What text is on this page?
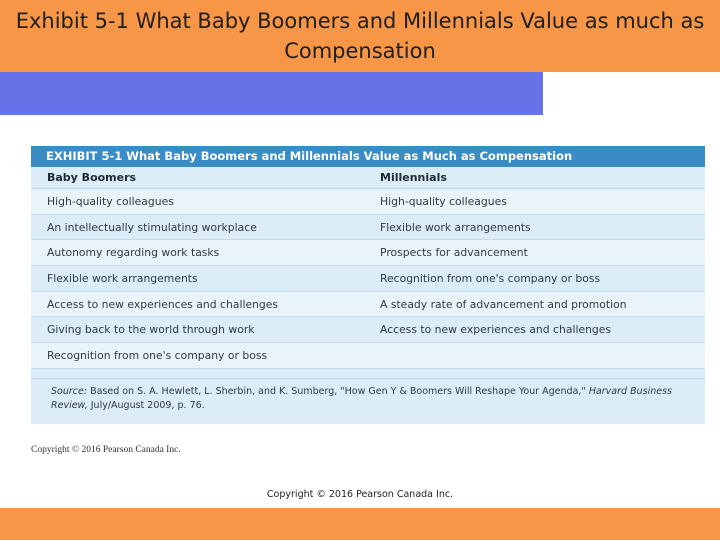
Exhibit 5-1 What Baby Boomers and Millennials Value as much as Compensation
EXHIBIT 5-1 What Baby Boomers and Millennials Value as Much as Compensation
Baby Boomers	Millennials
High-quality colleagues	High-quality colleagues
An intellectually stimulating workplace	Flexible work arrangements
Autonomy regarding work tasks	Prospects for advancement
Flexible work arrangements	Recognition from one's company or boss
Access to new experiences and challenges	A steady rate of advancement and promotion
Giving back to the world through work	Access to new experiences and challenges
Recognition from one's company or boss
Source: Based on S. A. Hewlett, L. Sherbin, and K. Sumberg, "How Gen Y & Boomers Will Reshape Your Agenda," Harvard Business Review, July/August 2009, p. 76.
Copyright © 2016 Pearson Canada Inc.
Copyright © 2016 Pearson Canada Inc.
